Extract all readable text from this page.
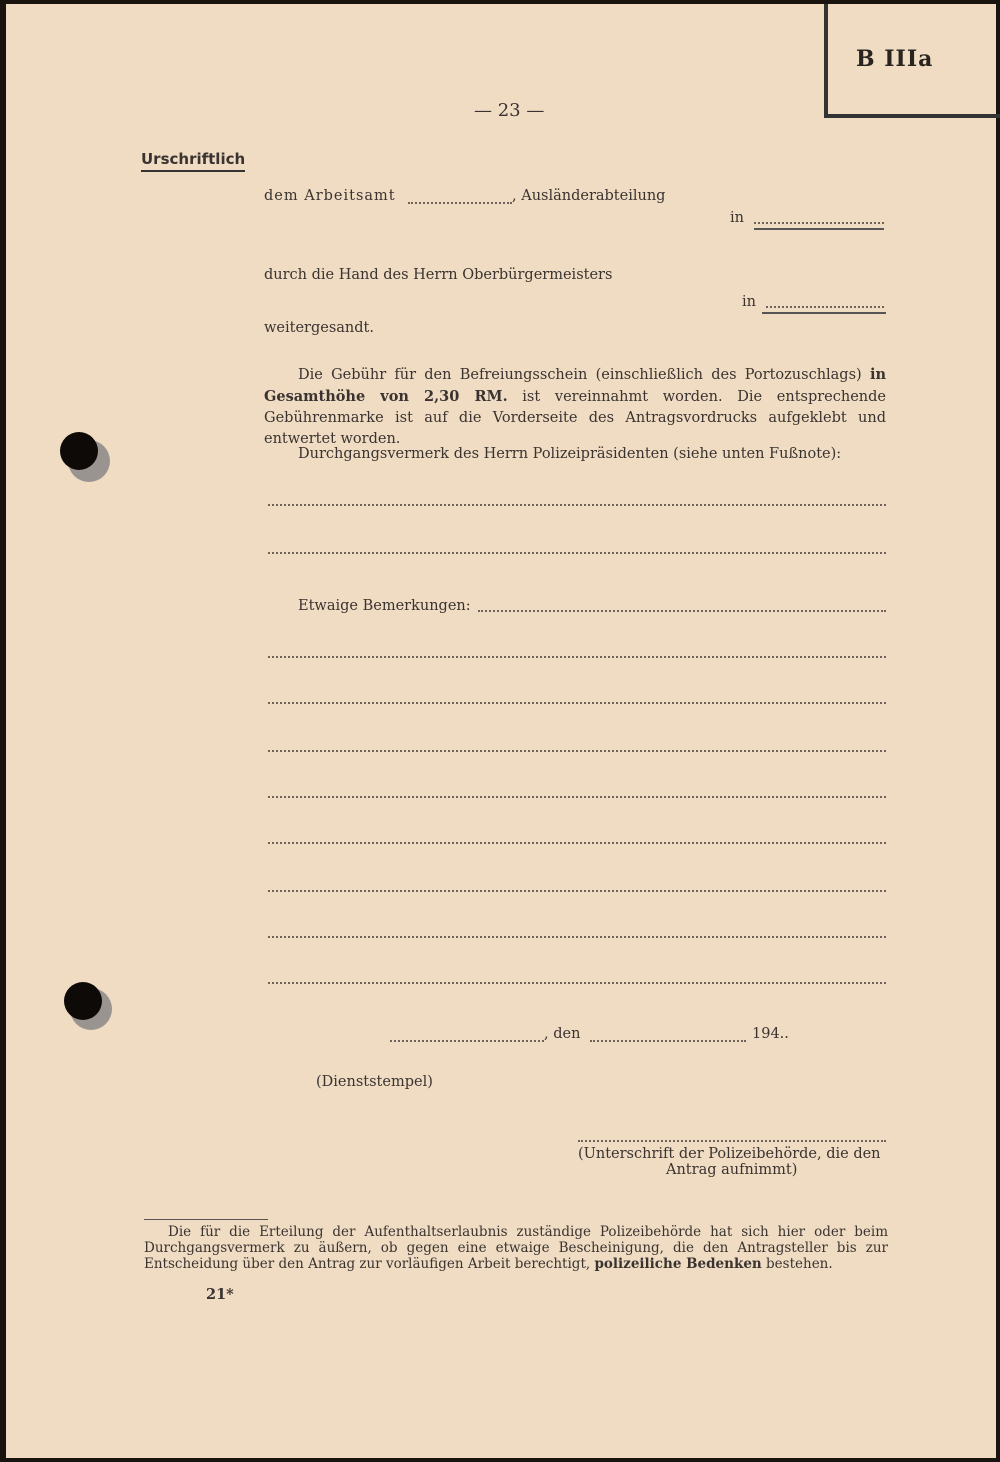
B IIIa
— 23 —
Urschriftlich
dem Arbeitsamt	, Ausländerabteilung
in
durch die Hand des Herrn Oberbürgermeisters
in
weitergesandt.
Die Gebühr für den Befreiungsschein (einschließlich des Portozuschlags) in Gesamthöhe von 2,30 RM. ist vereinnahmt worden. Die entsprechende Gebührenmarke ist auf die Vorderseite des Antragsvordrucks aufgeklebt und entwertet worden.
Durchgangsvermerk des Herrn Polizeipräsidenten (siehe unten Fußnote):
Etwaige Bemerkungen:
, den	194..
(Dienststempel)
(Unterschrift der Polizeibehörde, die den
Antrag aufnimmt)
Die für die Erteilung der Aufenthaltserlaubnis zuständige Polizeibehörde hat sich hier oder beim Durchgangsvermerk zu äußern, ob gegen eine etwaige Bescheinigung, die den Antragsteller bis zur Entscheidung über den Antrag zur vorläufigen Arbeit berechtigt, polizeiliche Bedenken bestehen.
21*
